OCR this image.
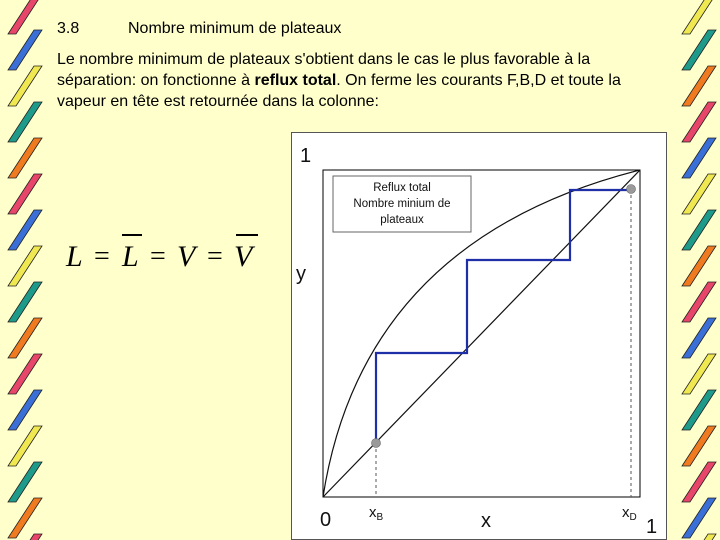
3.8	Nombre minimum de plateaux
Le nombre minimum de plateaux s'obtient dans le cas le plus favorable à la séparation: on fonctionne à reflux total. On ferme les courants F,B,D et toute la vapeur en tête est retournée dans la colonne:
L L V V
= = =
Reflux total
Nombre minium de
plateaux
1
y
0	x	1
$x_B$	$x_D$
